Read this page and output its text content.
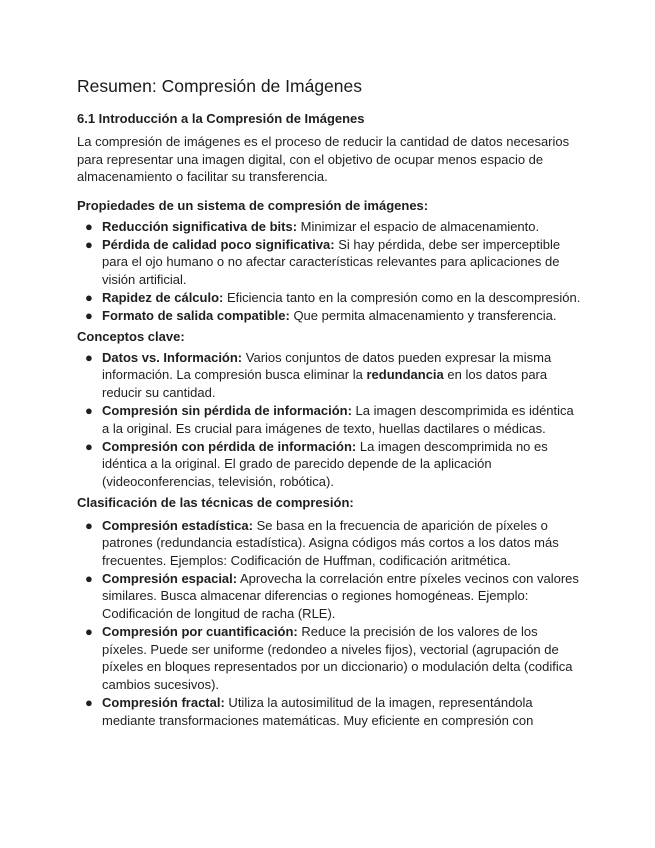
Resumen: Compresión de Imágenes
6.1 Introducción a la Compresión de Imágenes

La compresión de imágenes es el proceso de reducir la cantidad de datos necesarios para representar una imagen digital, con el objetivo de ocupar menos espacio de almacenamiento o facilitar su transferencia.

Propiedades de un sistema de compresión de imágenes:
● Reducción significativa de bits: Minimizar el espacio de almacenamiento.
● Pérdida de calidad poco significativa: Si hay pérdida, debe ser imperceptible para el ojo humano o no afectar características relevantes para aplicaciones de visión artificial.
● Rapidez de cálculo: Eficiencia tanto en la compresión como en la descompresión.
● Formato de salida compatible: Que permita almacenamiento y transferencia.
Conceptos clave:
● Datos vs. Información: Varios conjuntos de datos pueden expresar la misma información. La compresión busca eliminar la redundancia en los datos para reducir su cantidad.
● Compresión sin pérdida de información: La imagen descomprimida es idéntica a la original. Es crucial para imágenes de texto, huellas dactilares o médicas.
● Compresión con pérdida de información: La imagen descomprimida no es idéntica a la original. El grado de parecido depende de la aplicación (videoconferencias, televisión, robótica).
Clasificación de las técnicas de compresión:
● Compresión estadística: Se basa en la frecuencia de aparición de píxeles o patrones (redundancia estadística). Asigna códigos más cortos a los datos más frecuentes. Ejemplos: Codificación de Huffman, codificación aritmética.
● Compresión espacial: Aprovecha la correlación entre píxeles vecinos con valores similares. Busca almacenar diferencias o regiones homogéneas. Ejemplo: Codificación de longitud de racha (RLE).
● Compresión por cuantificación: Reduce la precisión de los valores de los píxeles. Puede ser uniforme (redondeo a niveles fijos), vectorial (agrupación de píxeles en bloques representados por un diccionario) o modulación delta (codifica cambios sucesivos).
● Compresión fractal: Utiliza la autosimilitud de la imagen, representándola mediante transformaciones matemáticas. Muy eficiente en compresión con
